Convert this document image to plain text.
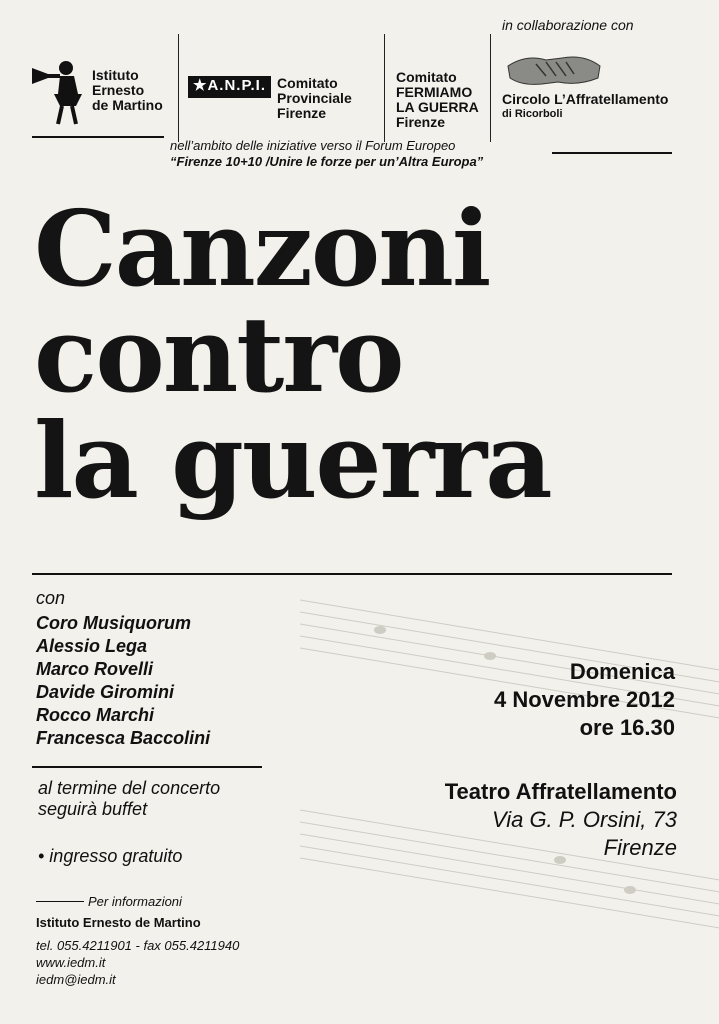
Istituto
Ernesto
de Martino
★A.N.P.I. Comitato
Provinciale
Firenze
Comitato
FERMIAMO
LA GUERRA
Firenze
in collaborazione con
Circolo L’Affratellamento
di Ricorboli
nell’ambito delle iniziative verso il Forum Europeo
“Firenze 10+10 /Unire le forze per un’Altra Europa”
Canzoni
contro
la guerra
con
Coro Musiquorum
Alessio Lega
Marco Rovelli
Davide Giromini
Rocco Marchi
Francesca Baccolini
Domenica
4 Novembre 2012
ore 16.30
al termine del concerto
seguirà buffet
• ingresso gratuito
Teatro Affratellamento
Via G. P. Orsini, 73
Firenze
Per informazioni
Istituto Ernesto de Martino
tel. 055.4211901 - fax 055.4211940
www.iedm.it
iedm@iedm.it
